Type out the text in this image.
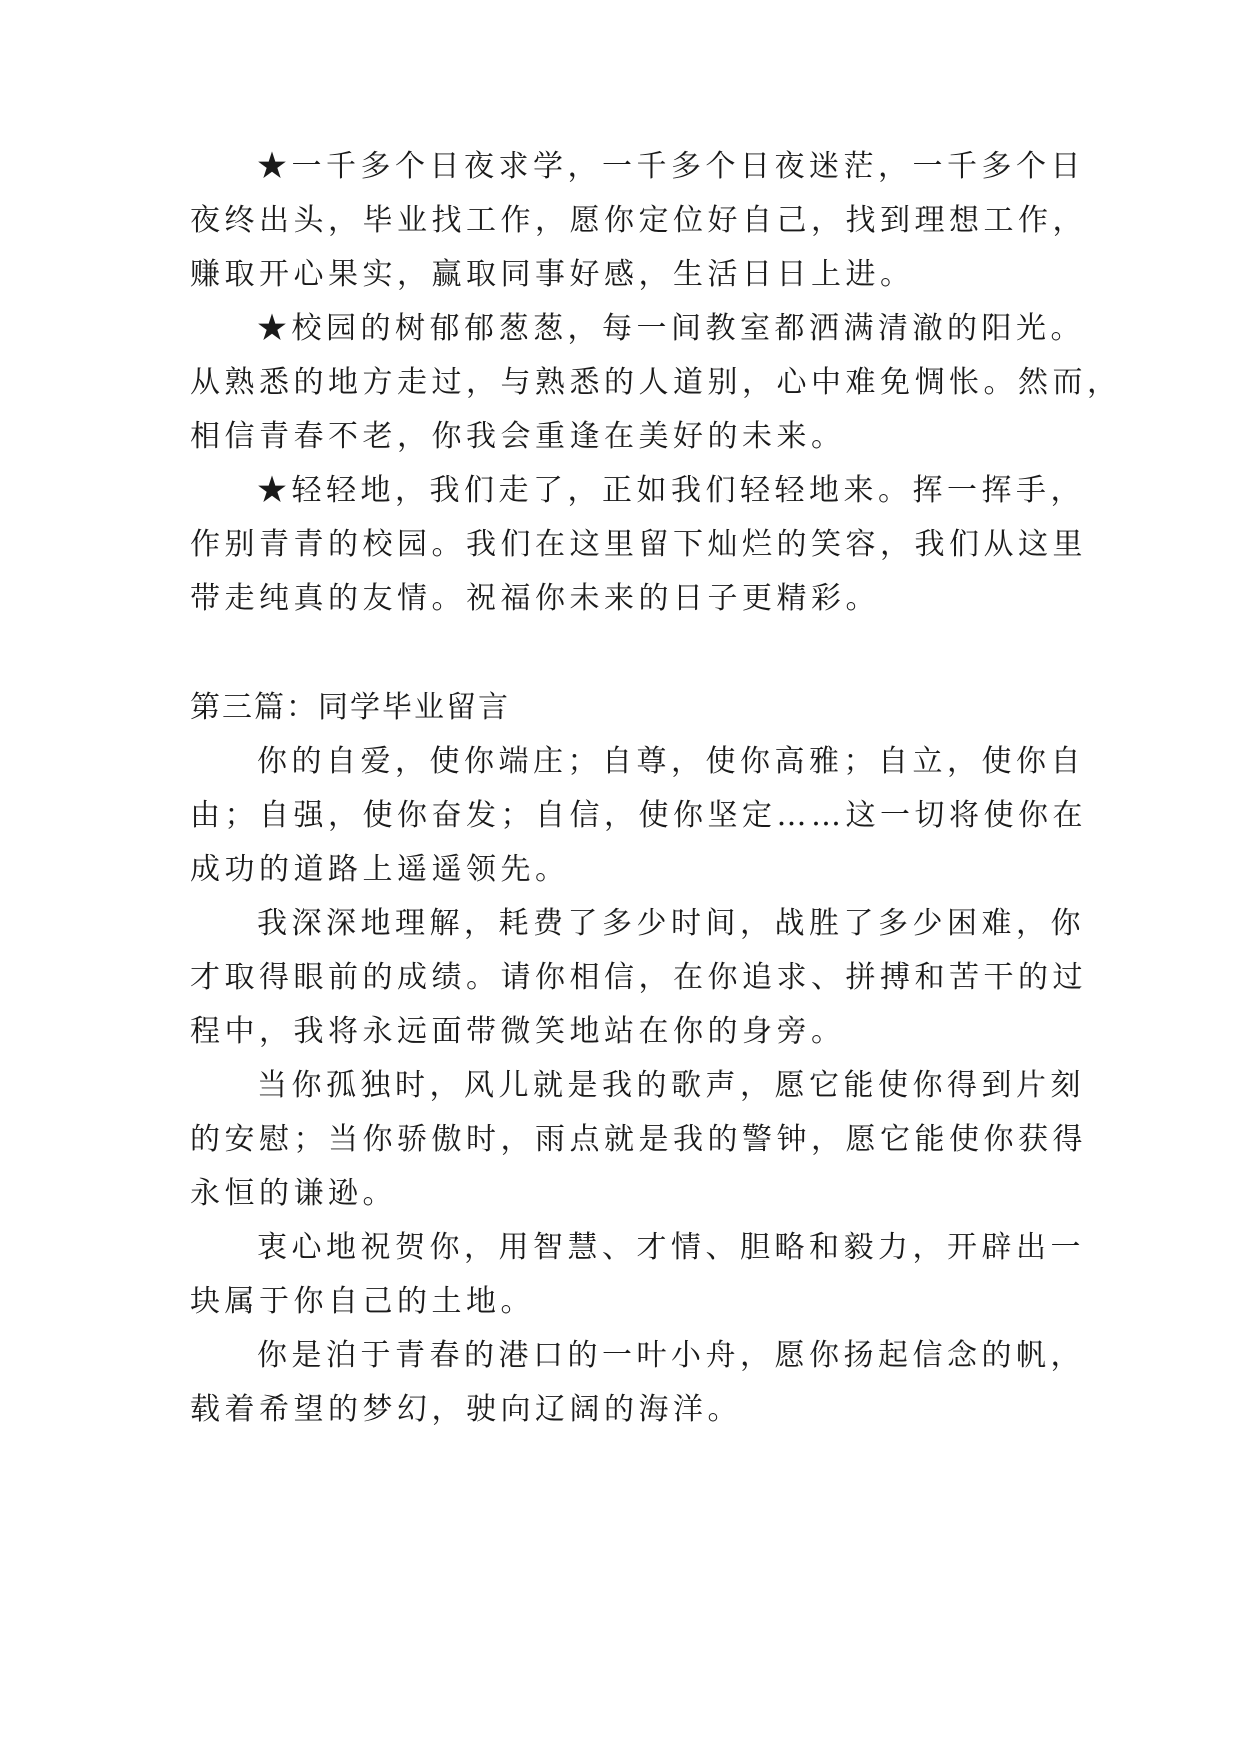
★一千多个日夜求学，一千多个日夜迷茫，一千多个日
夜终出头，毕业找工作，愿你定位好自己，找到理想工作，
赚取开心果实，赢取同事好感，生活日日上进。
★校园的树郁郁葱葱，每一间教室都洒满清澈的阳光。
从熟悉的地方走过，与熟悉的人道别，心中难免惆怅。然而，
相信青春不老，你我会重逢在美好的未来。
★轻轻地，我们走了，正如我们轻轻地来。挥一挥手，
作别青青的校园。我们在这里留下灿烂的笑容，我们从这里
带走纯真的友情。祝福你未来的日子更精彩。
第三篇：同学毕业留言
你的自爱，使你端庄；自尊，使你高雅；自立，使你自
由；自强，使你奋发；自信，使你坚定……这一切将使你在
成功的道路上遥遥领先。
我深深地理解，耗费了多少时间，战胜了多少困难，你
才取得眼前的成绩。请你相信，在你追求、拼搏和苦干的过
程中，我将永远面带微笑地站在你的身旁。
当你孤独时，风儿就是我的歌声，愿它能使你得到片刻
的安慰；当你骄傲时，雨点就是我的警钟，愿它能使你获得
永恒的谦逊。
衷心地祝贺你，用智慧、才情、胆略和毅力，开辟出一
块属于你自己的土地。
你是泊于青春的港口的一叶小舟，愿你扬起信念的帆，
载着希望的梦幻，驶向辽阔的海洋。
